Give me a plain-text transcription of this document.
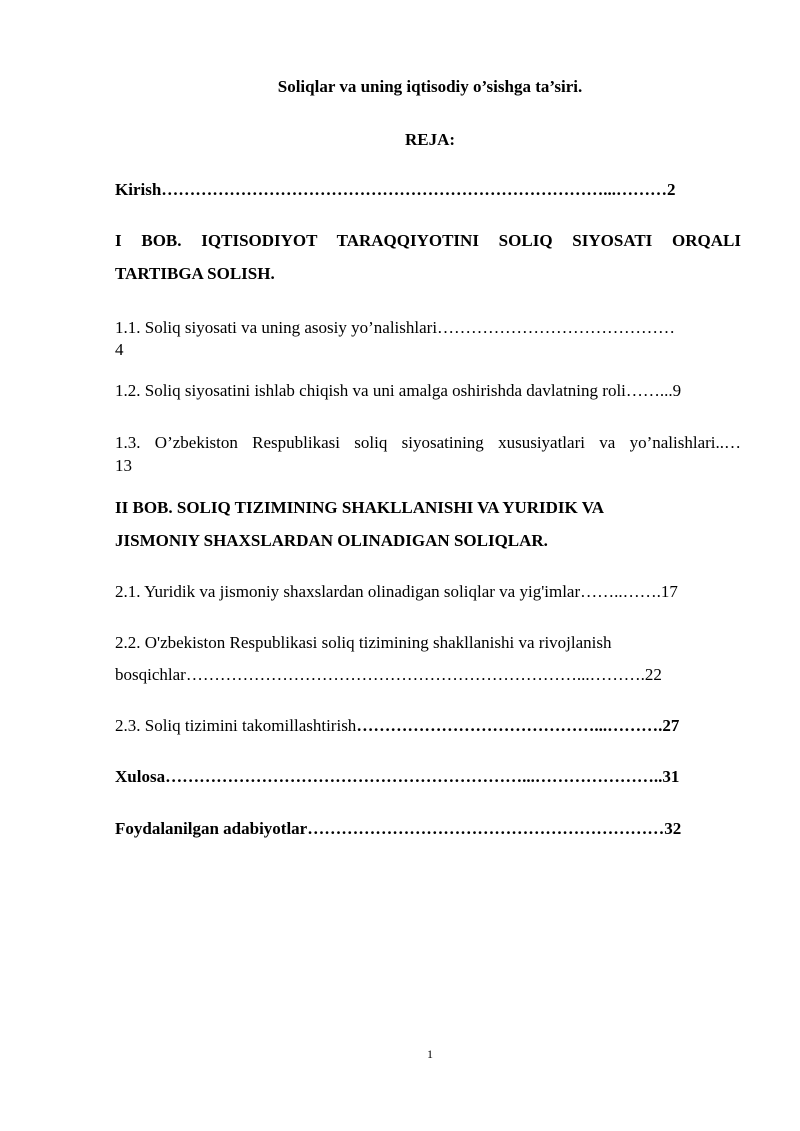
Soliqlar va uning iqtisodiy o’sishga ta’siri.
REJA:
Kirish……………………………………………………………………...………2
I BOB. IQTISODIYOT TARAQQIYOTINI SOLIQ SIYOSATI ORQALI
TARTIBGA SOLISH.
1.1. Soliq siyosati va uning asosiy yo’nalishlari……………………………………
4
1.2. Soliq siyosatini ishlab chiqish va uni amalga oshirishda davlatning roli……...9
1.3. O’zbekiston Respublikasi soliq siyosatining xususiyatlari va yo’nalishlari..…
13
II BOB. SOLIQ TIZIMINING SHAKLLANISHI VA YURIDIK VA
JISMONIY SHAXSLARDAN OLINADIGAN SOLIQLAR.
2.1. Yuridik va jismoniy shaxslardan olinadigan soliqlar va yig'imlar……..…….17
2.2. O'zbekiston Respublikasi soliq tizimining shakllanishi va rivojlanish
bosqichlar……………………………………………………………...……….22
2.3. Soliq tizimini takomillashtirish……………………………………...……….27
Xulosa………………………………………………………...…………………..31
Foydalanilgan adabiyotlar………………………………………………………32
1
